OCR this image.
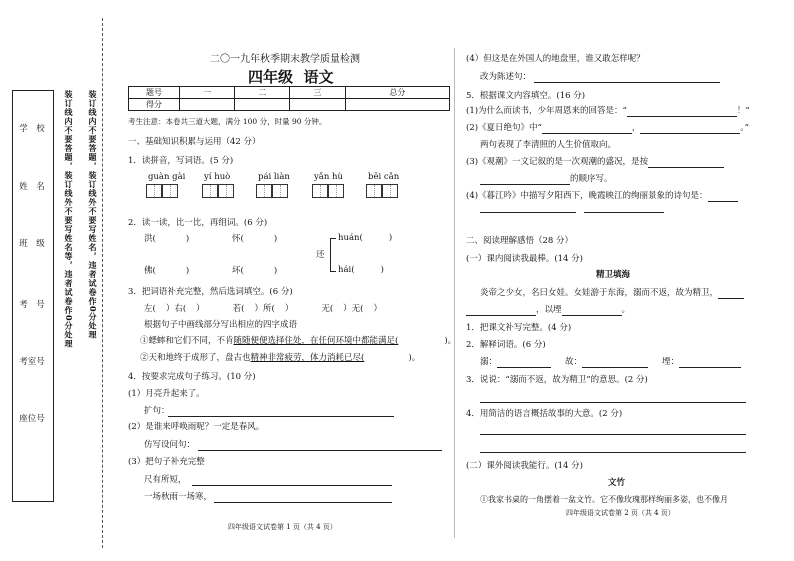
学　校
姓　名
班　级
考　号
考室号
座位号
装订线内不要答题，装订线外不要写姓名等，违者试卷作0分处理 装订线内不要答题，装订线外不要写姓名，违者试卷作0分处理
二〇一九年秋季期末教学质量检测
四年级  语文
题号	一	二	三	总分
得分				
考生注意：本卷共三道大题，满分 100 分，时量 90 分钟。
一、基础知识积累与运用（42 分）
1．读拼音，写词语。(5 分)
guàn gài yí huò	pái liàn	yǎn hù	bēi cǎn
2．读一读，比一比，再组词。(6 分)
洪(	)	怀(	)
佛(	)	坏(	)
还
huán(	)
hái(	)
3．把词语补充完整，然后选词填空。(6 分)
左( ）右( ）	若( ）所( ）	无( ）无( ）
根据句子中画线部分写出相应的四字成语
①蟋蟀和它们不同，不肯随随便便选择住处，在任何环境中都能满足(	)。
②天和地终于成形了，盘古也精神非常疲劳，体力消耗已尽(	)。
4．按要求完成句子练习。(10 分)
(1）月亮升起来了。
扩句：
(2）是谁来呼唤雨呢？一定是春风。
仿写设问句：
(3）把句子补充完整
尺有所短，
一场秋雨一场寒，
四年级语文试卷第 1 页（共 4 页）
(4）但这是在外国人的地盘里，谁又敢怎样呢？
改为陈述句：
5．根据课文内容填空。(16 分)
(1)为什么而读书，少年周恩来的回答是：“	！”
(2)《夏日绝句》中“	，	。”
两句表现了李清照的人生价值取向。
(3)《观潮》一文记叙的是一次观潮的盛况，是按
的顺序写。
(4)《暮江吟》中描写夕阳西下，晚霞映江的绚丽景象的诗句是：
二、阅读理解感悟（28 分）
(一）课内阅读我最棒。(14 分)
精卫填海
炎帝之少女，名曰女娃。女娃游于东海，溺而不返，故为精卫，
，以堙	。
1．把课文补写完整。(4 分)
2．解释词语。(6 分)
溺：	故：	堙：
3．说说：“溺而不返，故为精卫”的意思。(2 分)
4．用简洁的语言概括故事的大意。(2 分)
(二）课外阅读我能行。(14 分)
文竹
①我家书桌的一角摆着一盆文竹。它不像玫瑰那样绚丽多姿，也不像月
四年级语文试卷第 2 页（共 4 页）
